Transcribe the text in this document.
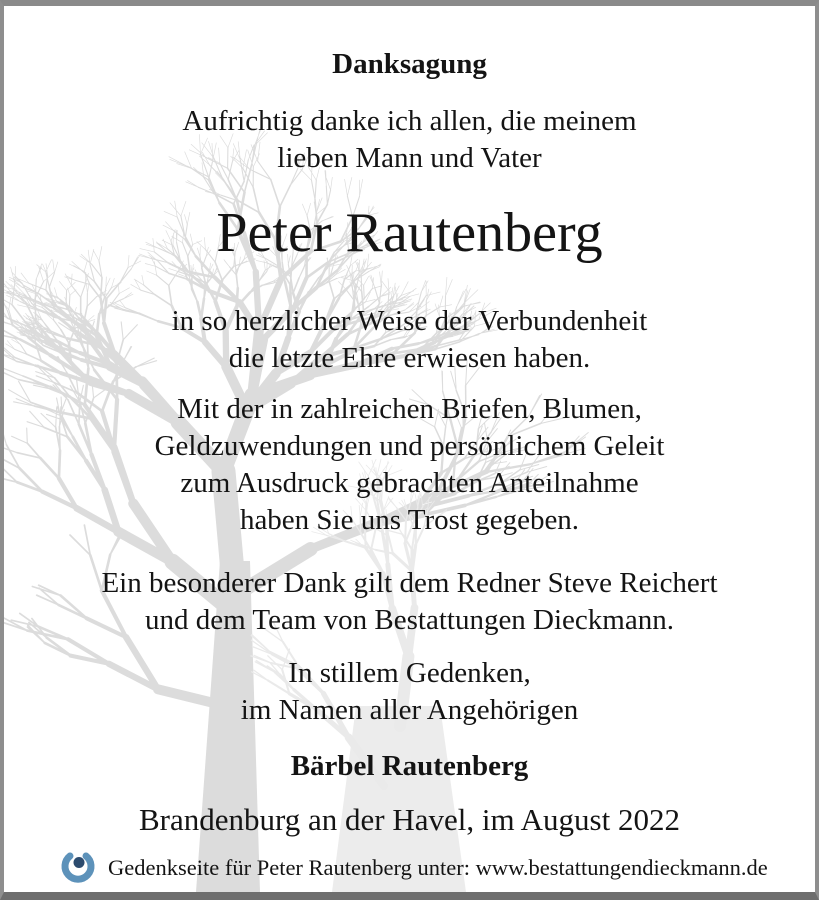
Danksagung
Aufrichtig danke ich allen, die meinem
lieben Mann und Vater
Peter Rautenberg
in so herzlicher Weise der Verbundenheit
die letzte Ehre erwiesen haben.
Mit der in zahlreichen Briefen, Blumen,
Geldzuwendungen und persönlichem Geleit
zum Ausdruck gebrachten Anteilnahme
haben Sie uns Trost gegeben.
Ein besonderer Dank gilt dem Redner Steve Reichert
und dem Team von Bestattungen Dieckmann.
In stillem Gedenken,
im Namen aller Angehörigen
Bärbel Rautenberg
Brandenburg an der Havel, im August 2022
Gedenkseite für Peter Rautenberg unter: www.bestattungendieckmann.de
